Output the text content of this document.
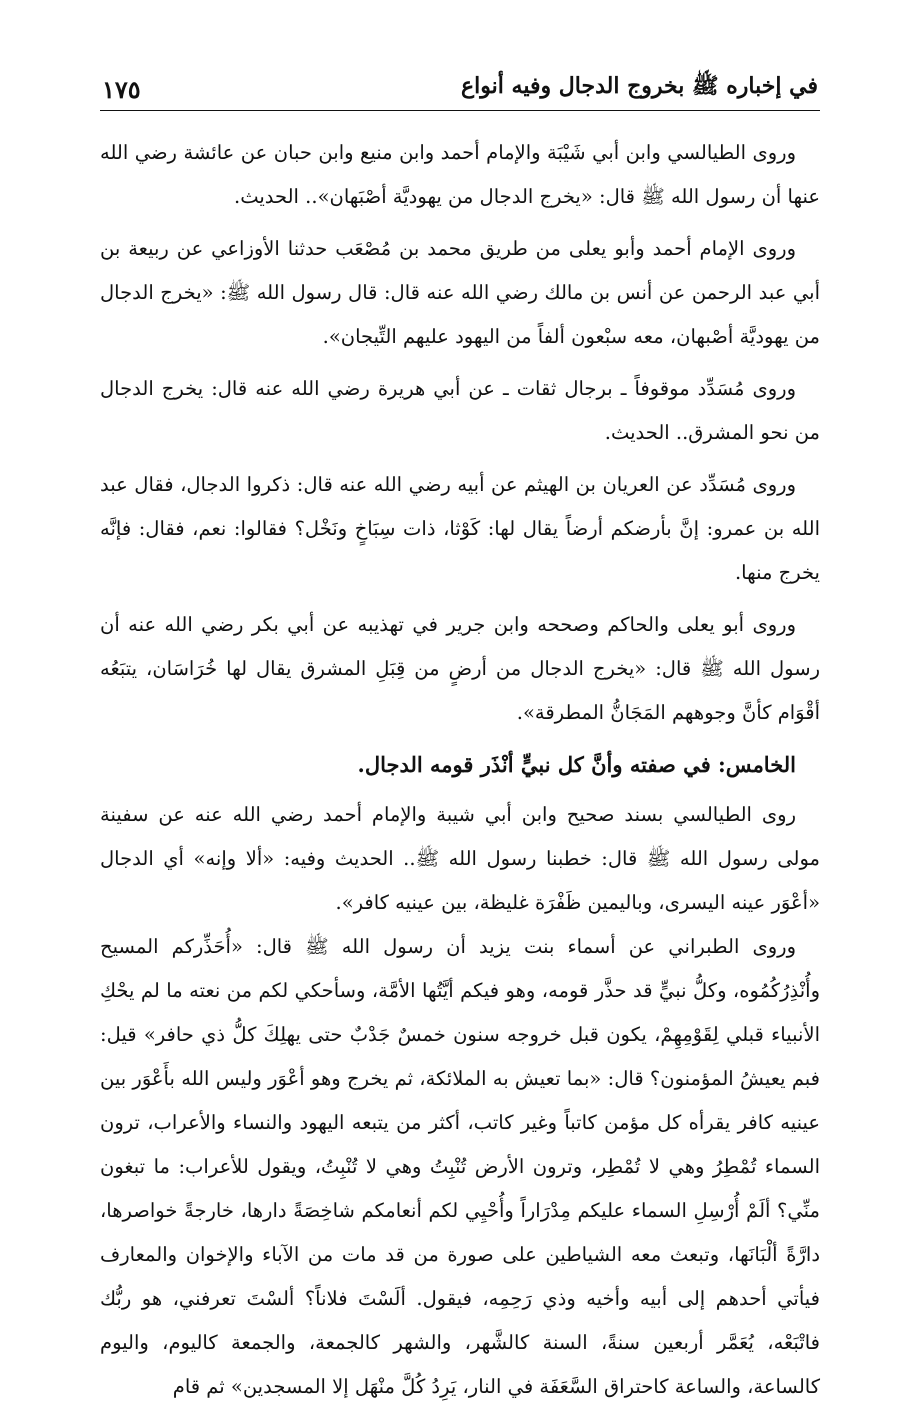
في إخباره ﷺ بخروج الدجال وفيه أنواع
١٧٥

وروى الطيالسي وابن أبي شَيْبَة والإمام أحمد وابن منيع وابن حبان عن عائشة رضي الله عنها أن رسول الله ﷺ قال: «يخرج الدجال من يهوديَّة أصْبَهان».. الحديث.

وروى الإمام أحمد وأبو يعلى من طريق محمد بن مُصْعَب حدثنا الأوزاعي عن ربيعة بن أبي عبد الرحمن عن أنس بن مالك رضي الله عنه قال: قال رسول الله ﷺ: «يخرج الدجال من يهوديَّة أصْبهان، معه سبْعون ألفاً من اليهود عليهم التِّيجان».

وروى مُسَدِّد موقوفاً ـ برجال ثقات ـ عن أبي هريرة رضي الله عنه قال: يخرج الدجال من نحو المشرق.. الحديث.

وروى مُسَدِّد عن العريان بن الهيثم عن أبيه رضي الله عنه قال: ذكروا الدجال، فقال عبد الله بن عمرو: إنَّ بأرضكم أرضاً يقال لها: كَوْثا، ذات سِبَاخٍ ونَخْل؟ فقالوا: نعم، فقال: فإنَّه يخرج منها.

وروى أبو يعلى والحاكم وصححه وابن جرير في تهذيبه عن أبي بكر رضي الله عنه أن رسول الله ﷺ قال: «يخرج الدجال من أرضٍ من قِبَلِ المشرق يقال لها خُرَاسَان، يتبَعُه أقْوَام كأنَّ وجوههم المَجَانُّ المطرقة».

الخامس: في صفته وأنَّ كل نبيٍّ أنْذَر قومه الدجال.

روى الطيالسي بسند صحيح وابن أبي شيبة والإمام أحمد رضي الله عنه عن سفينة مولى رسول الله ﷺ قال: خطبنا رسول الله ﷺ.. الحديث وفيه: «ألا وإنه» أي الدجال «أعْوَر عينه اليسرى، وباليمين ظَفْرَة غليظة، بين عينيه كافر».

وروى الطبراني عن أسماء بنت يزيد أن رسول الله ﷺ قال: «أُحَذِّركم المسيح وأُنْذِرُكُمُوه، وكلُّ نبيٍّ قد حذَّر قومه، وهو فيكم أيَّتُها الأمَّة، وسأحكي لكم من نعته ما لم يحْكِ الأنبياء قبلي لِقَوْمِهِمْ، يكون قبل خروجه سنون خمسٌ جَدْبٌ حتى يهلِكَ كلُّ ذي حافر» قيل: فبم يعيشُ المؤمنون؟ قال: «بما تعيش به الملائكة، ثم يخرج وهو أعْوَر وليس الله بأَعْوَر بين عينيه كافر يقرأه كل مؤمن كاتباً وغير كاتب، أكثر من يتبعه اليهود والنساء والأعراب، ترون السماء تُمْطِرُ وهي لا تُمْطِر، وترون الأرض تُنْبِتُ وهي لا تُنْبِتُ، ويقول للأعراب: ما تبغون منِّي؟ ألَمْ أُرْسِلِ السماء عليكم مِدْرَاراً وأُحْيِي لكم أنعامكم شاخِصَةً دارها، خارجةً خواصرها، دارَّةً ألْبَانَها، وتبعث معه الشياطين على صورة من قد مات من الآباء والإخوان والمعارف فيأتي أحدهم إلى أبيه وأخيه وذي رَحِمِه، فيقول. ألَسْتَ فلاناً؟ ألسْتَ تعرفني، هو ربُّك فاتْبَعْه، يُعَمَّر أربعين سنةً، السنة كالشَّهر، والشهر كالجمعة، والجمعة كاليوم، واليوم كالساعة، والساعة كاحتراق السَّعَفَة في النار، يَرِدُ كُلَّ منْهَل إلا المسجدين» ثم قام
